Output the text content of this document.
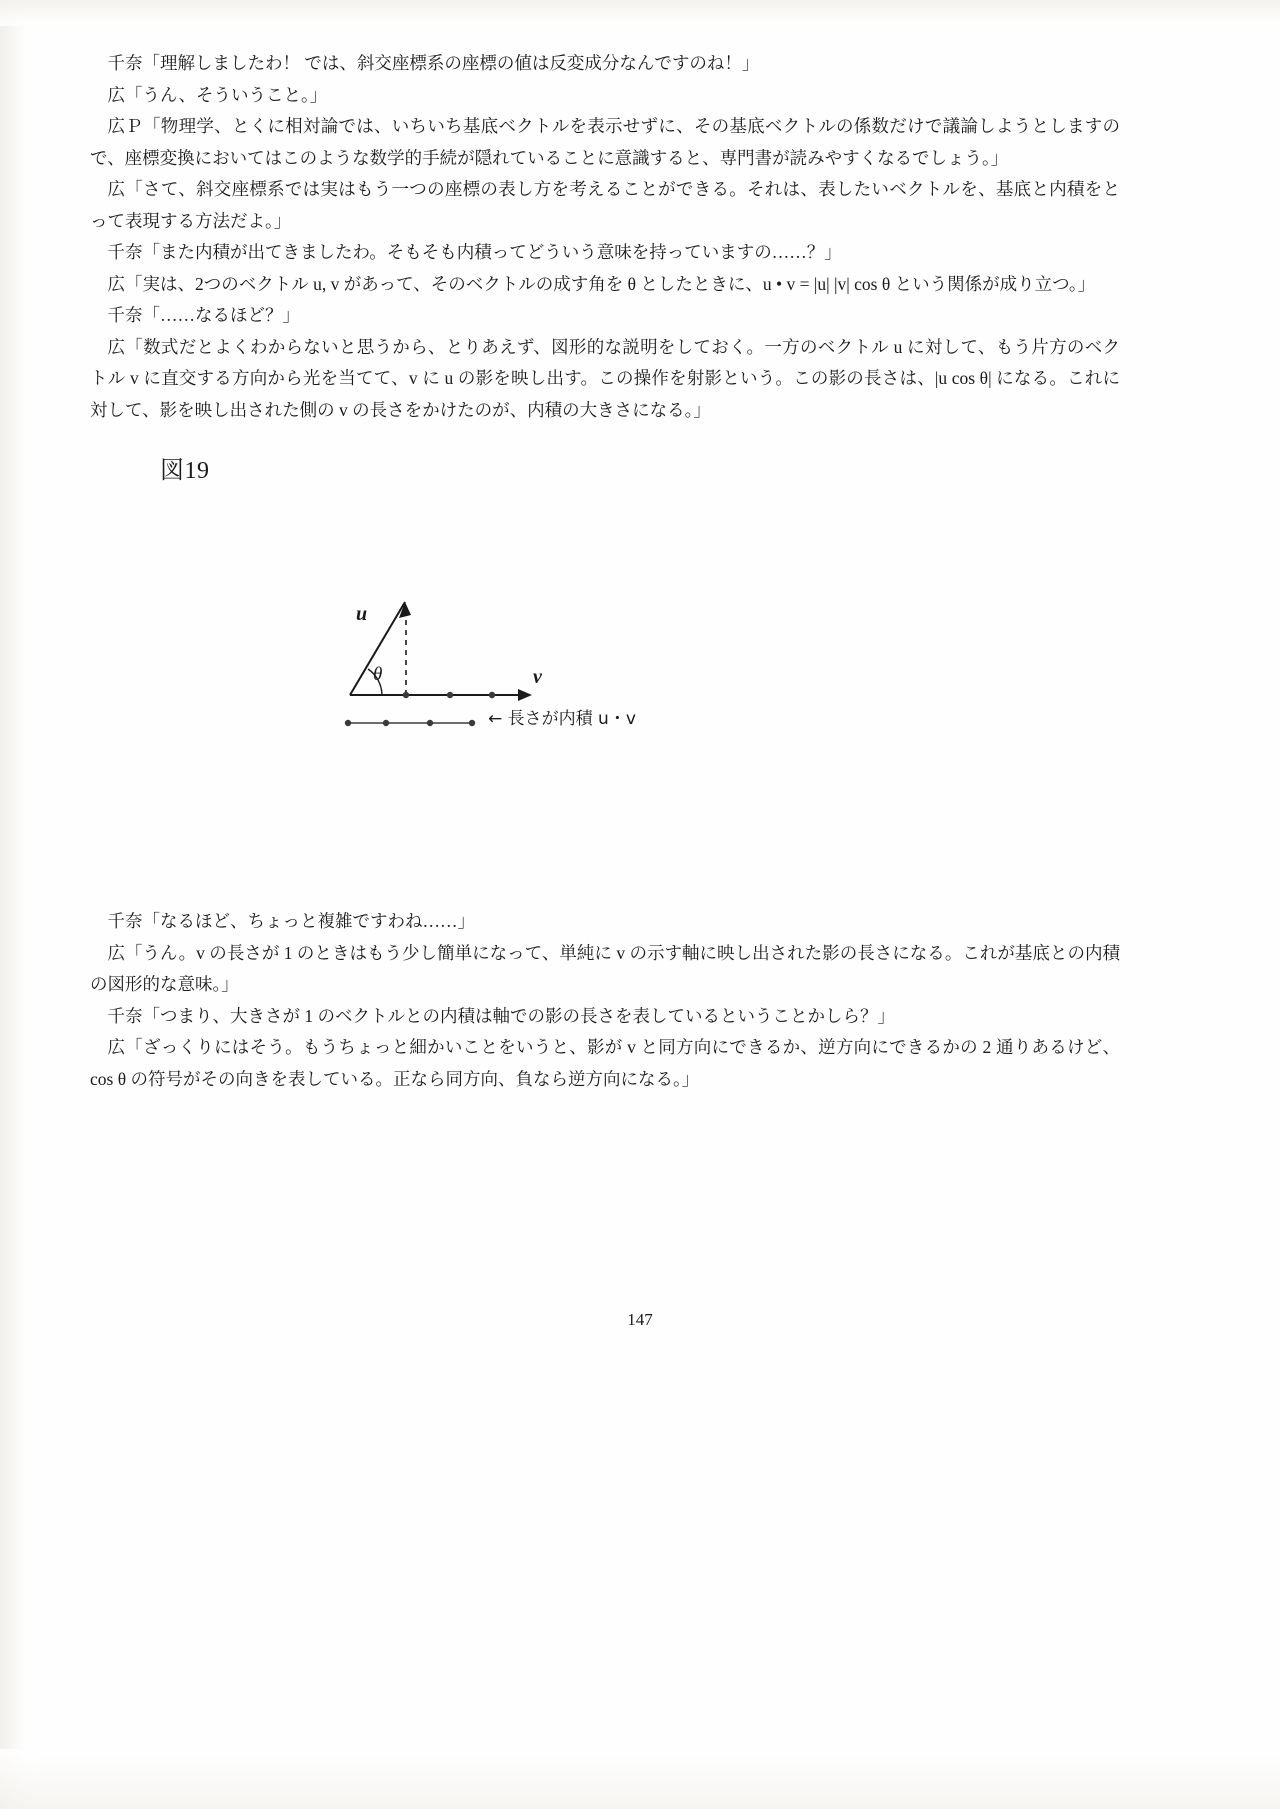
千奈「理解しましたわ！ では、斜交座標系の座標の値は反変成分なんですのね！」

広「うん、そういうこと。」

広Ｐ「物理学、とくに相対論では、いちいち基底ベクトルを表示せずに、その基底ベクトルの係数だけで議論しようとしますので、座標変換においてはこのような数学的手続が隠れていることに意識すると、専門書が読みやすくなるでしょう。」

広「さて、斜交座標系では実はもう一つの座標の表し方を考えることができる。それは、表したいベクトルを、基底と内積をとって表現する方法だよ。」

千奈「また内積が出てきましたわ。そもそも内積ってどういう意味を持っていますの……？」

広「実は、2つのベクトル u, v があって、そのベクトルの成す角を θ としたときに、u • v = |u| |v| cos θ という関係が成り立つ。」

千奈「……なるほど？」

広「数式だとよくわからないと思うから、とりあえず、図形的な説明をしておく。一方のベクトル u に対して、もう片方のベクトル v に直交する方向から光を当てて、v に u の影を映し出す。この操作を射影という。この影の長さは、|u cos θ| になる。これに対して、影を映し出された側の v の長さをかけたのが、内積の大きさになる。」

図19
u
v
θ
← 長さが内積 u・v

千奈「なるほど、ちょっと複雑ですわね……」

広「うん。v の長さが 1 のときはもう少し簡単になって、単純に v の示す軸に映し出された影の長さになる。これが基底との内積の図形的な意味。」

千奈「つまり、大きさが 1 のベクトルとの内積は軸での影の長さを表しているということかしら？」

広「ざっくりにはそう。もうちょっと細かいことをいうと、影が v と同方向にできるか、逆方向にできるかの 2 通りあるけど、cos θ の符号がその向きを表している。正なら同方向、負なら逆方向になる。」

147
